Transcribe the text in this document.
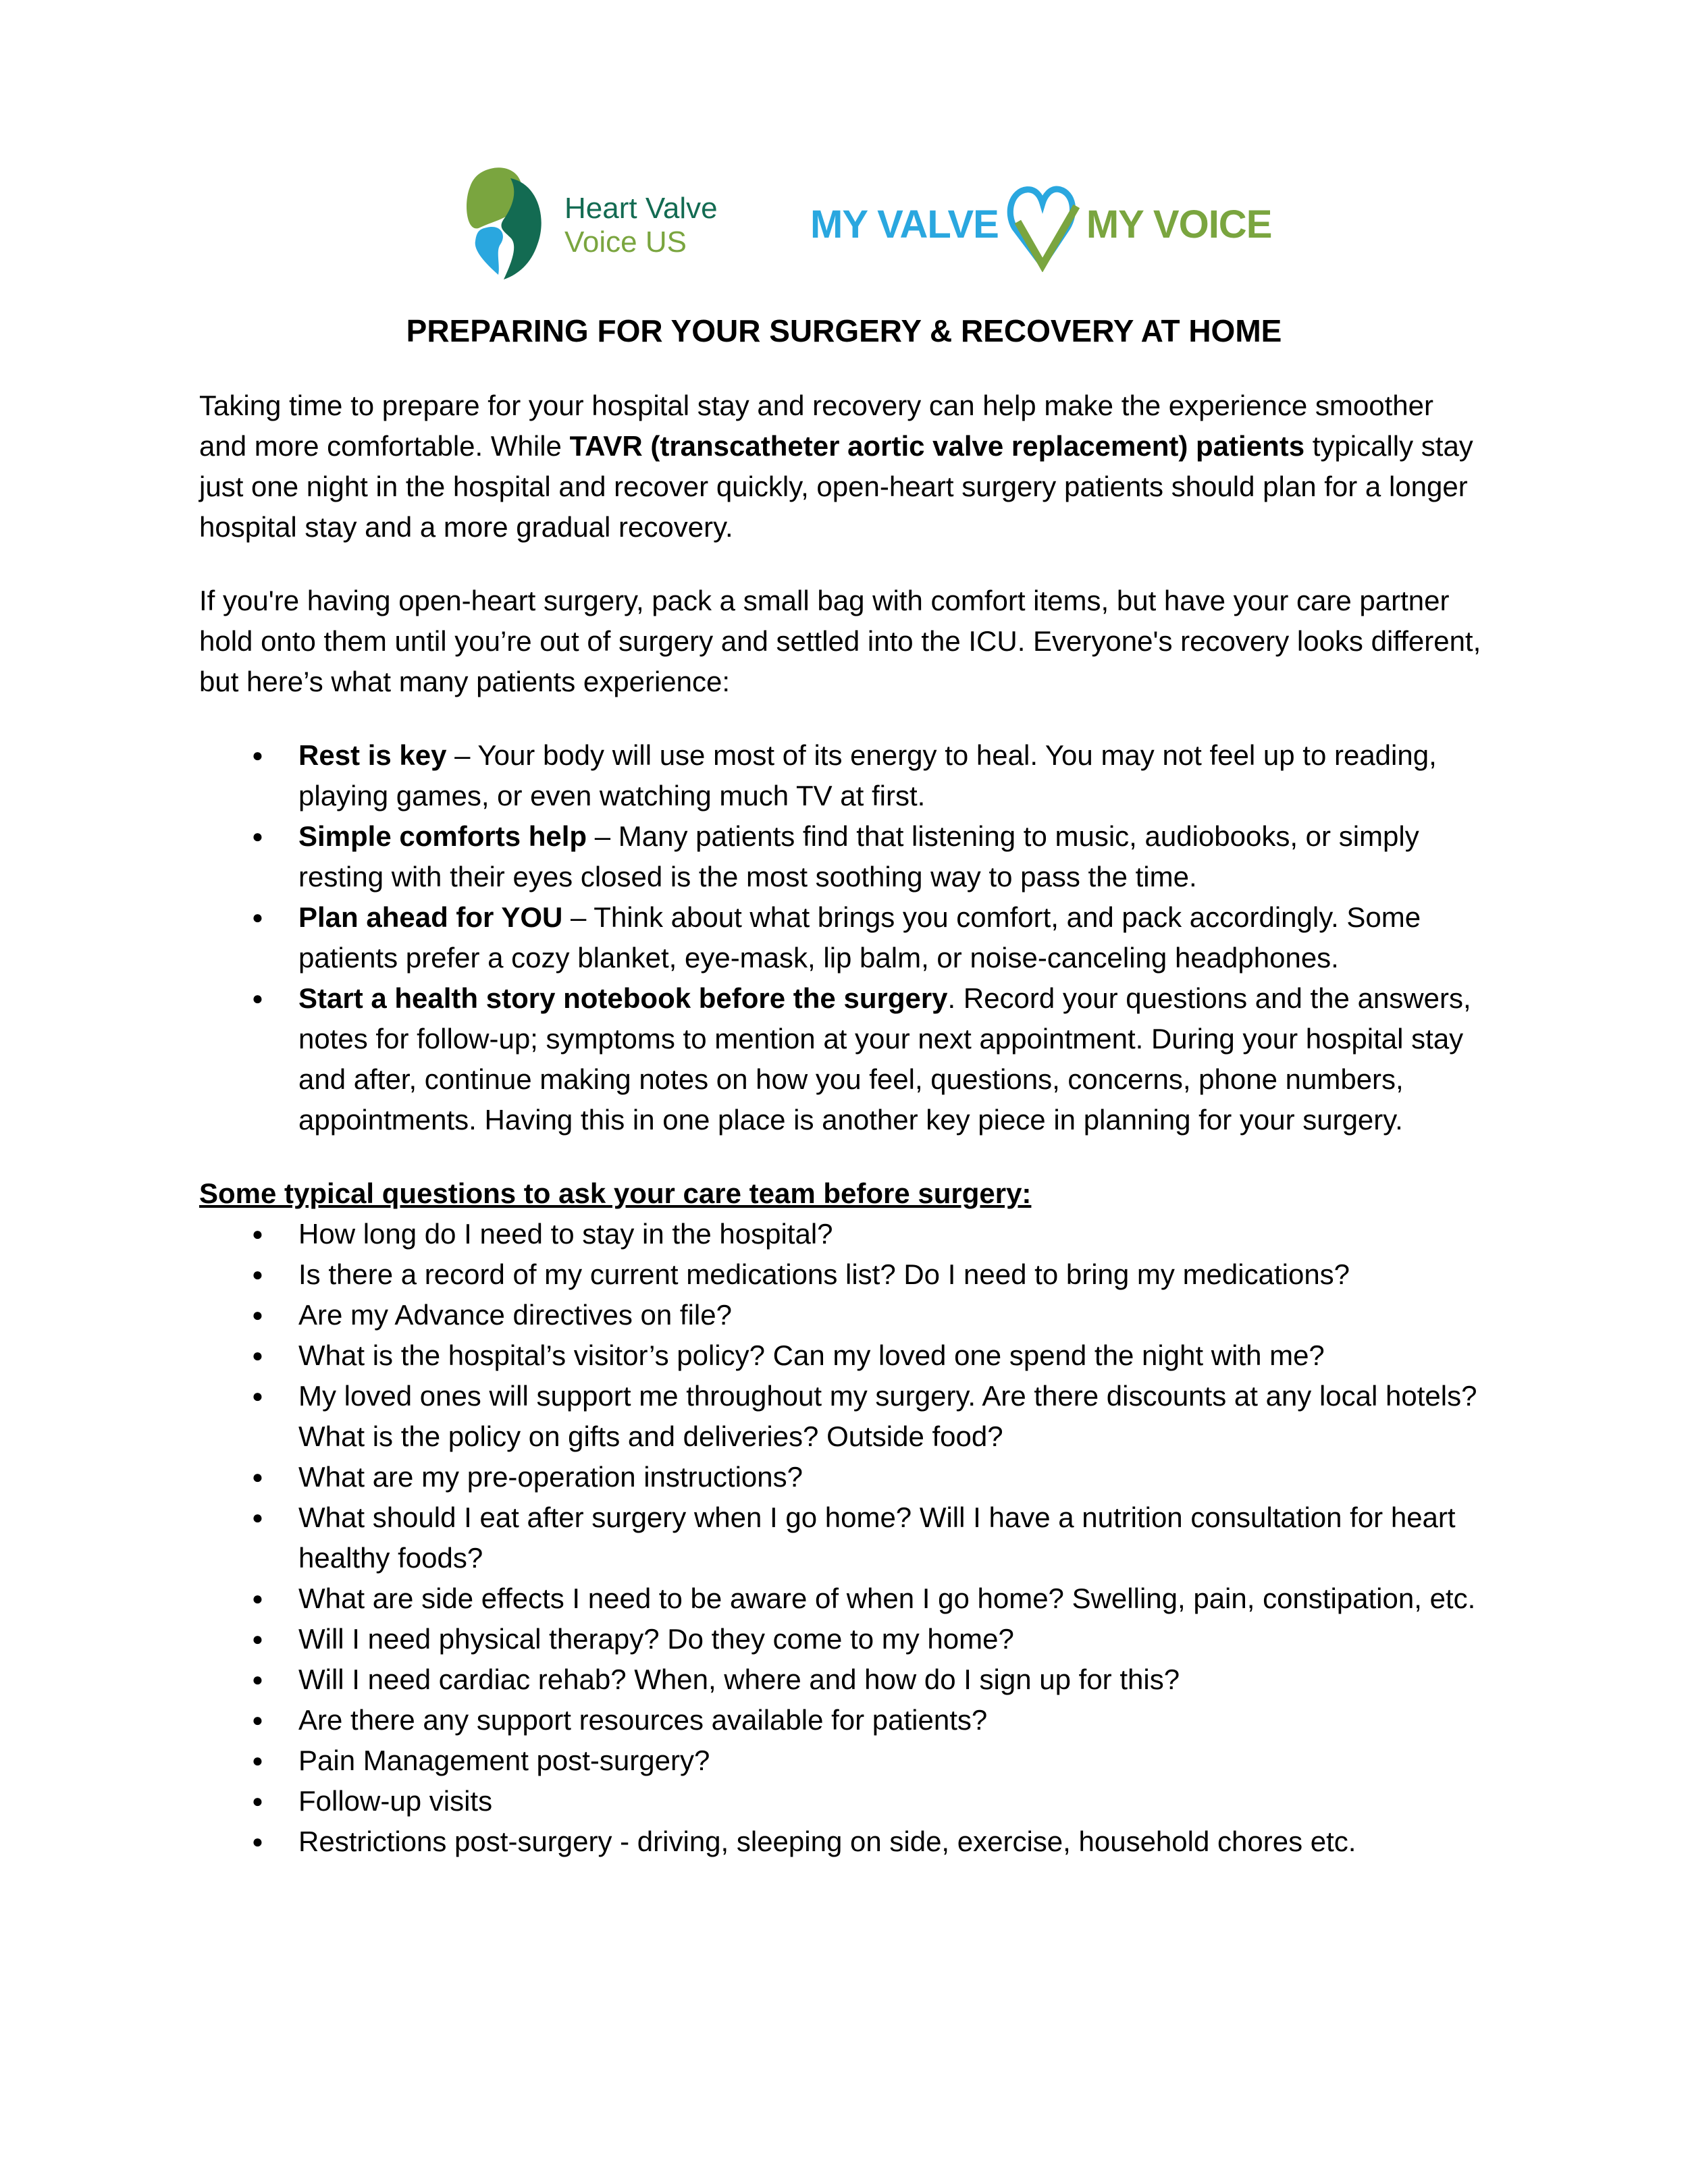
Heart Valve
Voice US	MY VALVE MY VOICE
PREPARING FOR YOUR SURGERY & RECOVERY AT HOME

Taking time to prepare for your hospital stay and recovery can help make the experience smoother and more comfortable. While TAVR (transcatheter aortic valve replacement) patients typically stay just one night in the hospital and recover quickly, open-heart surgery patients should plan for a longer hospital stay and a more gradual recovery.

If you're having open-heart surgery, pack a small bag with comfort items, but have your care partner hold onto them until you’re out of surgery and settled into the ICU. Everyone's recovery looks different, but here’s what many patients experience:

● Rest is key – Your body will use most of its energy to heal. You may not feel up to reading, playing games, or even watching much TV at first.
● Simple comforts help – Many patients find that listening to music, audiobooks, or simply resting with their eyes closed is the most soothing way to pass the time.
● Plan ahead for YOU – Think about what brings you comfort, and pack accordingly. Some patients prefer a cozy blanket, eye-mask, lip balm, or noise-canceling headphones.
● Start a health story notebook before the surgery. Record your questions and the answers, notes for follow-up; symptoms to mention at your next appointment. During your hospital stay and after, continue making notes on how you feel, questions, concerns, phone numbers, appointments. Having this in one place is another key piece in planning for your surgery.
Some typical questions to ask your care team before surgery:
● How long do I need to stay in the hospital?
● Is there a record of my current medications list? Do I need to bring my medications?
● Are my Advance directives on file?
● What is the hospital’s visitor’s policy? Can my loved one spend the night with me?
● My loved ones will support me throughout my surgery. Are there discounts at any local hotels? What is the policy on gifts and deliveries? Outside food?
● What are my pre-operation instructions?
● What should I eat after surgery when I go home? Will I have a nutrition consultation for heart healthy foods?
● What are side effects I need to be aware of when I go home? Swelling, pain, constipation, etc.
● Will I need physical therapy? Do they come to my home?
● Will I need cardiac rehab? When, where and how do I sign up for this?
● Are there any support resources available for patients?
● Pain Management post-surgery?
● Follow-up visits
● Restrictions post-surgery - driving, sleeping on side, exercise, household chores etc.
